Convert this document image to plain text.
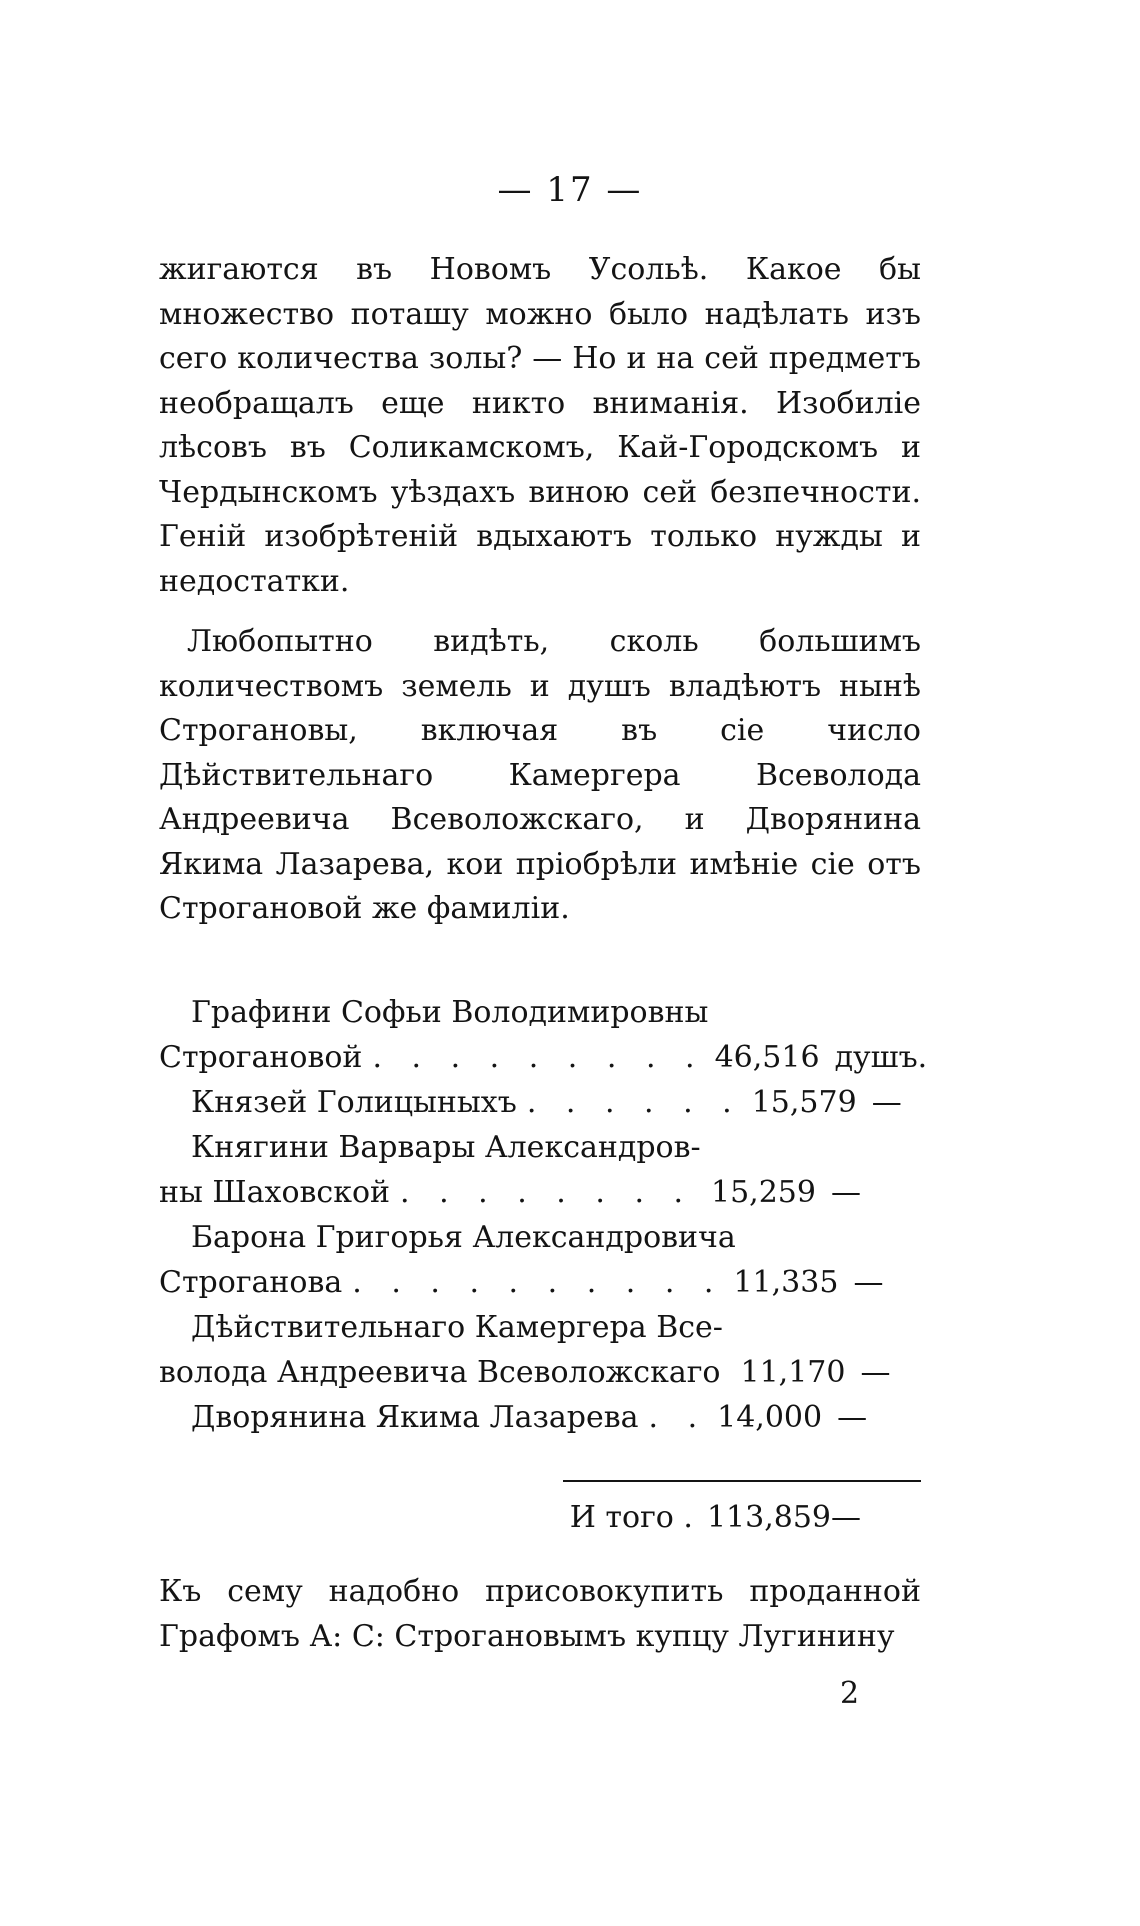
— 17 —

жигаются въ Новомъ Усольѣ. Какое бы множество поташу можно было надѣлать изъ сего количества золы? — Но и на сей предметъ необращалъ еще никто вниманія. Изобиліе лѣсовъ въ Соликамскомъ, Кай-Городскомъ и Чердынскомъ уѣздахъ виною сей безпечности. Геній изобрѣтеній вдыхаютъ только нужды и недостатки.

Любопытно видѣть, сколь большимъ количествомъ земель и душъ владѣютъ нынѣ Строгановы, включая въ сіе число Дѣйствительнаго Камергера Всеволода Андреевича Всеволожскаго, и Дворянина Якима Лазарева, кои пріобрѣли имѣніе сіе отъ Строгановой же фамиліи.

Графини Софьи Володимировны
Строгановой . . . . . . . . . 46,516 душъ.
Князей Голицыныхъ . . . . . . 15,579 —
Княгини Варвары Александров-
ны Шаховской . . . . . . . . 15,259 —
Барона Григорья Александровича
Строганова . . . . . . . . . . 11,335 —
Дѣйствительнаго Камергера Все-
волода Андреевича Всеволожскаго 11,170 —
Дворянина Якима Лазарева . . 14,000 —
И того . 113,859 —

Къ сему надобно присовокупить проданной Графомъ А: С: Строгановымъ купцу Лугинину

2
